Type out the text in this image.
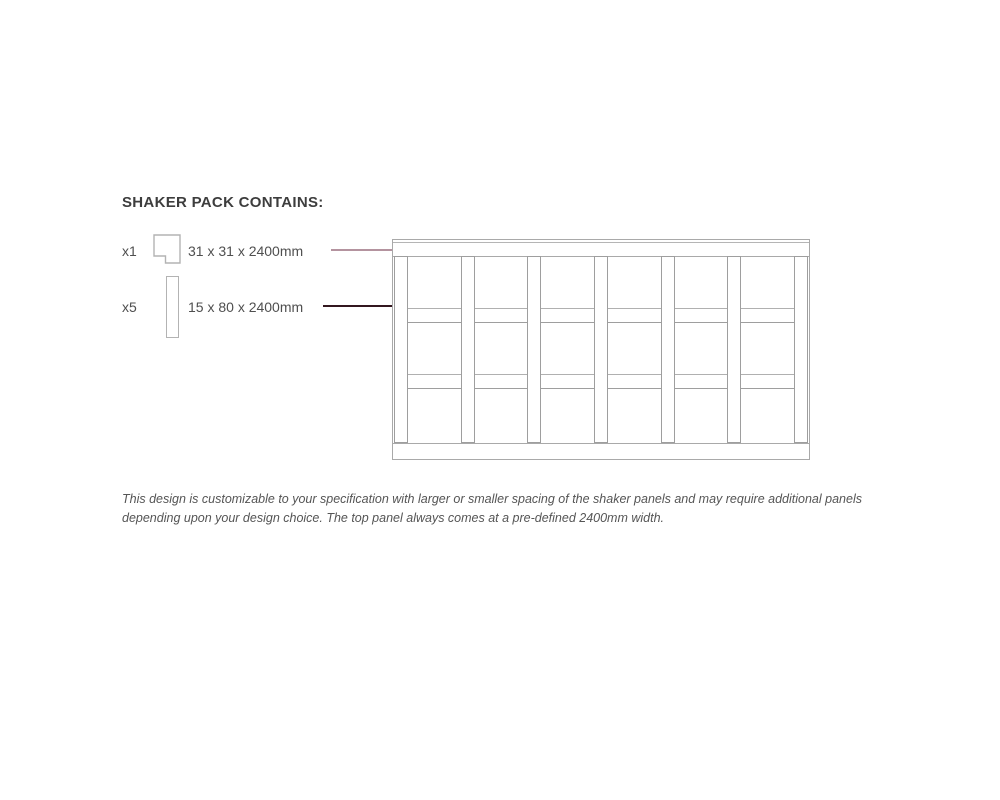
SHAKER PACK CONTAINS:
x1	31 x 31 x 2400mm
x5	15 x 80 x 2400mm
This design is customizable to your specification with larger or smaller spacing of the shaker panels and may require additional panels depending upon your design choice. The top panel always comes at a pre-defined 2400mm width.
